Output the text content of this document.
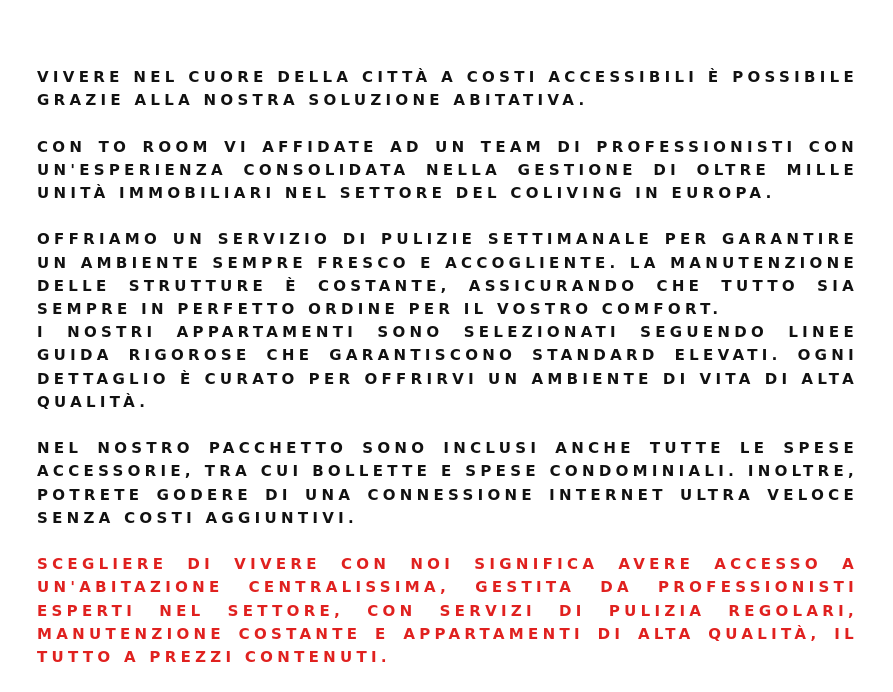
VIVERE NEL CUORE DELLA CITTÀ A COSTI ACCESSIBILI È POSSIBILE GRAZIE ALLA NOSTRA SOLUZIONE ABITATIVA.

CON TO ROOM VI AFFIDATE AD UN TEAM DI PROFESSIONISTI CON UN'ESPERIENZA CONSOLIDATA NELLA GESTIONE DI OLTRE MILLE UNITÀ IMMOBILIARI NEL SETTORE DEL COLIVING IN EUROPA.

OFFRIAMO UN SERVIZIO DI PULIZIE SETTIMANALE PER GARANTIRE UN AMBIENTE SEMPRE FRESCO E ACCOGLIENTE. LA MANUTENZIONE DELLE STRUTTURE È COSTANTE, ASSICURANDO CHE TUTTO SIA SEMPRE IN PERFETTO ORDINE PER IL VOSTRO COMFORT.

I NOSTRI APPARTAMENTI SONO SELEZIONATI SEGUENDO LINEE GUIDA RIGOROSE CHE GARANTISCONO STANDARD ELEVATI. OGNI DETTAGLIO È CURATO PER OFFRIRVI UN AMBIENTE DI VITA DI ALTA QUALITÀ.

NEL NOSTRO PACCHETTO SONO INCLUSI ANCHE TUTTE LE SPESE ACCESSORIE, TRA CUI BOLLETTE E SPESE CONDOMINIALI. INOLTRE, POTRETE GODERE DI UNA CONNESSIONE INTERNET ULTRA VELOCE SENZA COSTI AGGIUNTIVI.

SCEGLIERE DI VIVERE CON NOI SIGNIFICA AVERE ACCESSO A UN'ABITAZIONE CENTRALISSIMA, GESTITA DA PROFESSIONISTI ESPERTI NEL SETTORE, CON SERVIZI DI PULIZIA REGOLARI, MANUTENZIONE COSTANTE E APPARTAMENTI DI ALTA QUALITÀ, IL TUTTO A PREZZI CONTENUTI.
